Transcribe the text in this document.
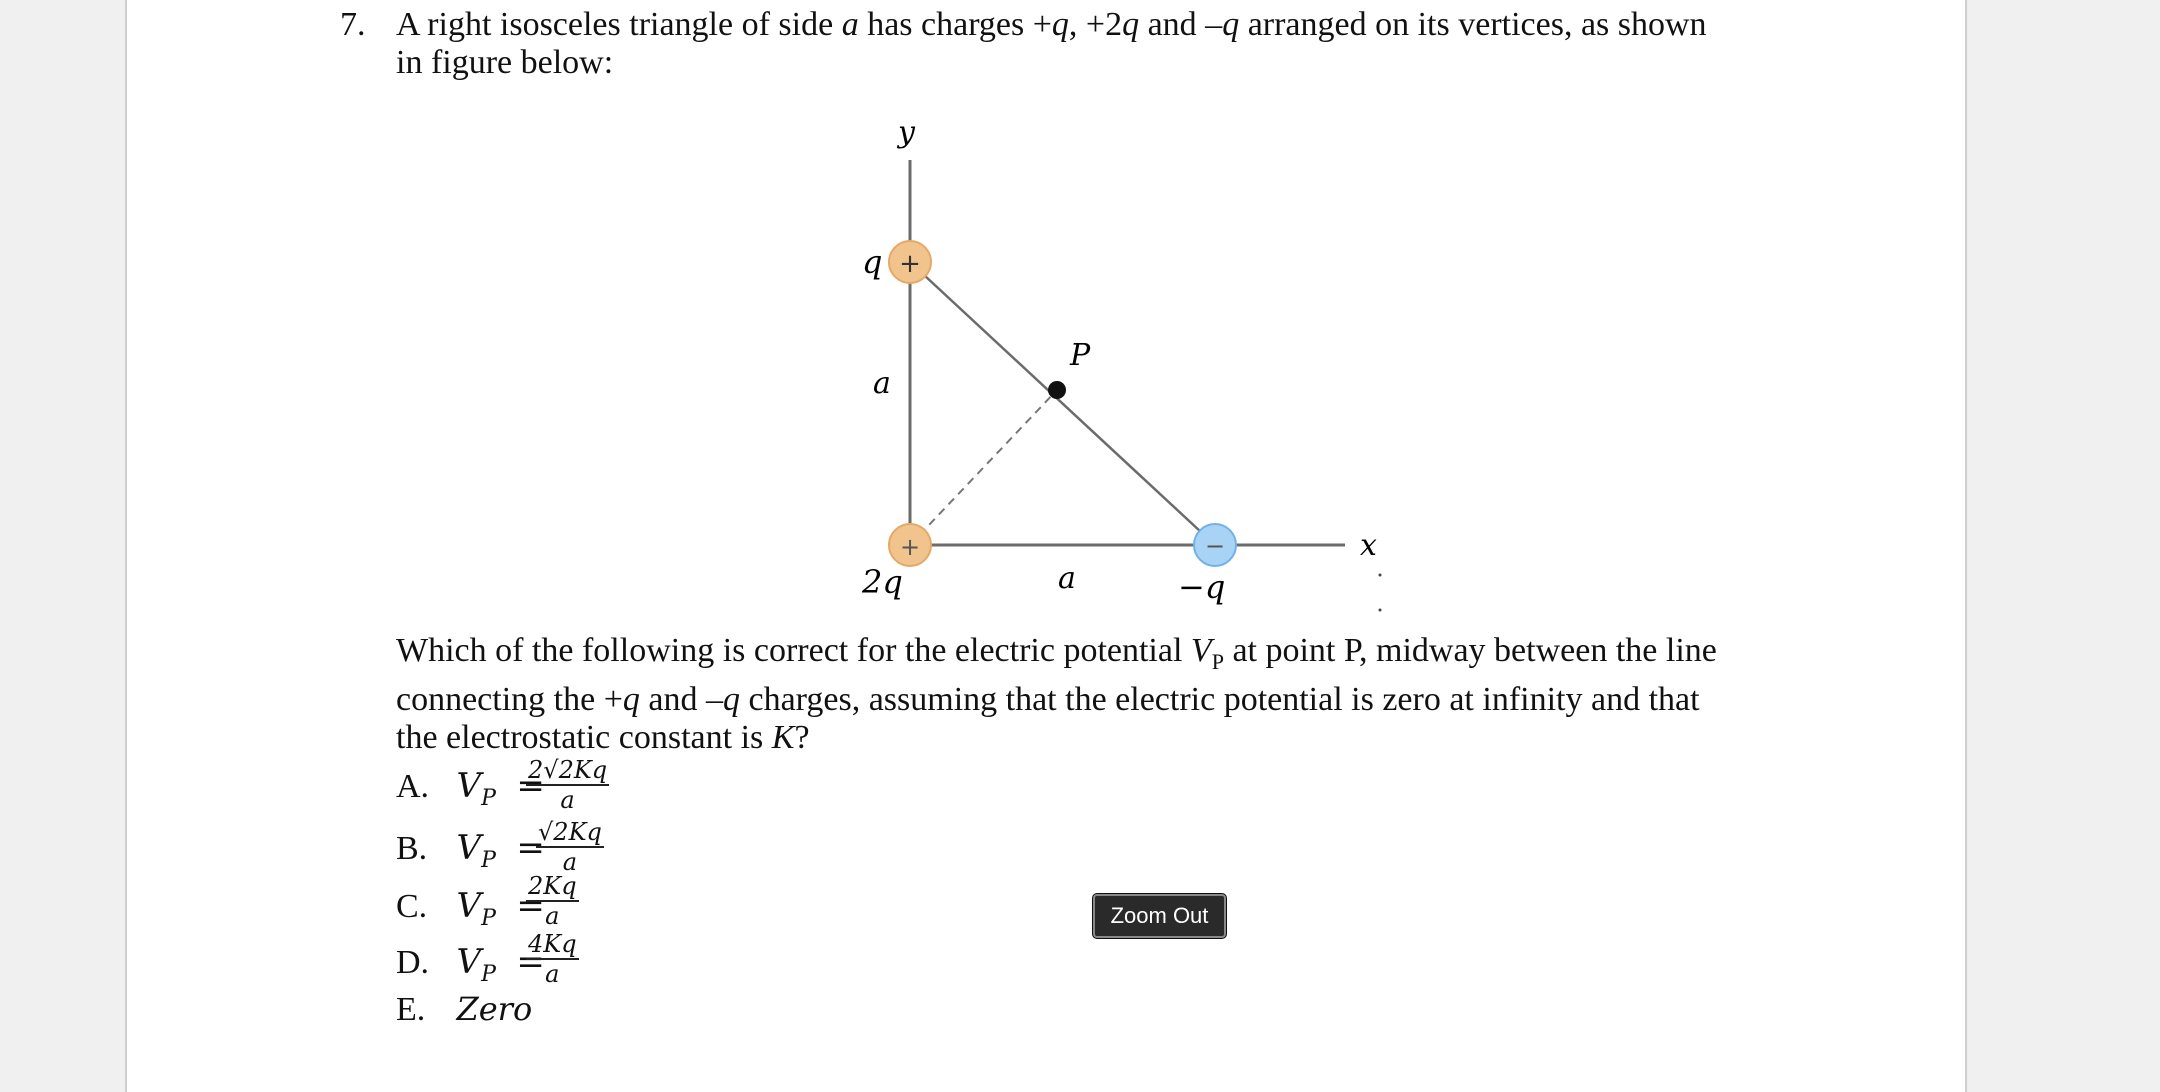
7. A right isosceles triangle of side a has charges +q, +2q and –q arranged on its vertices, as shown in figure below:
P
+
q
+
2q
−
−q
a
a
y
x
Which of the following is correct for the electric potential $V_P$ at point P, midway between the line connecting the +q and –q charges, assuming that the electric potential is zero at infinity and that the electrostatic constant is K?
A. $V_P$ =
$\frac{2√2Kq}{a}$
B. $V_P$ =
$\frac{√2Kq}{a}$
C. $V_P$ =
$\frac{2Kq}{a}$
D. $V_P$ =
$\frac{4Kq}{a}$
E. Zero
Zoom Out
